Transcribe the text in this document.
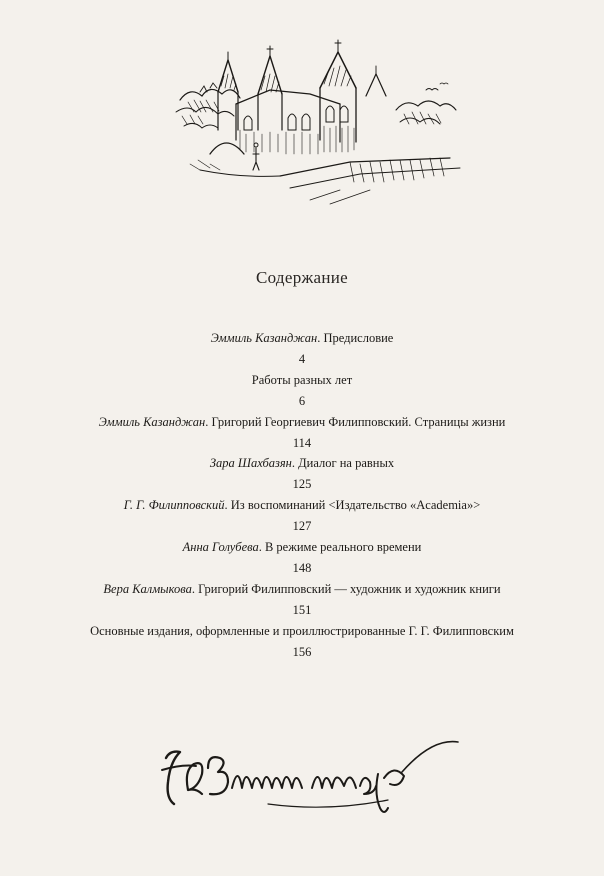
Содержание

Эммиль Казанджан. Предисловие
4

Работы разных лет
6

Эммиль Казанджан. Григорий Георгиевич Филипповский. Страницы жизни
114

Зара Шахбазян. Диалог на равных
125

Г. Г. Филипповский. Из воспоминаний <Издательство «Academia»>
127

Анна Голубева. В режиме реального времени
148

Вера Калмыкова. Григорий Филипповский — художник и художник книги
151

Основные издания, оформленные и проиллюстрированные Г. Г. Филипповским
156
